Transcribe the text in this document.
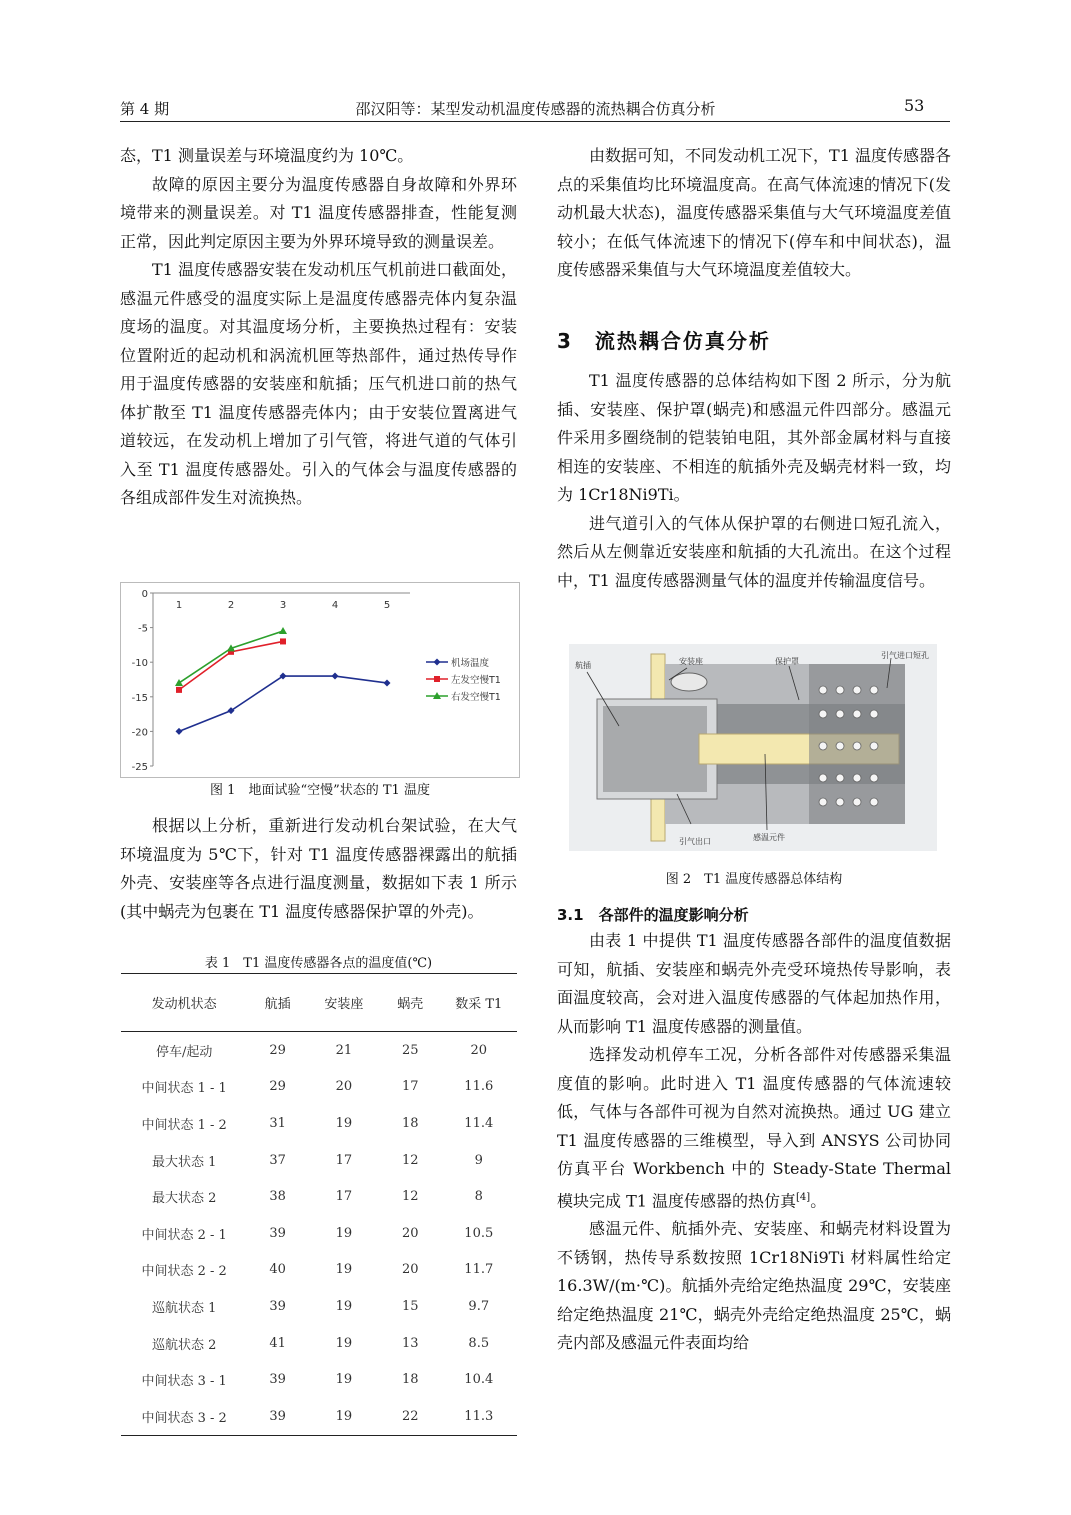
第 4 期	邵汉阳等：某型发动机温度传感器的流热耦合仿真分析	53

态，T1 测量误差与环境温度约为 10℃。

故障的原因主要分为温度传感器自身故障和外界环境带来的测量误差。对 T1 温度传感器排查，性能复测正常，因此判定原因主要为外界环境导致的测量误差。

T1 温度传感器安装在发动机压气机前进口截面处，感温元件感受的温度实际上是温度传感器壳体内复杂温度场的温度。对其温度场分析，主要换热过程有：安装位置附近的起动机和涡流机匣等热部件，通过热传导作用于温度传感器的安装座和航插；压气机进口前的热气体扩散至 T1 温度传感器壳体内；由于安装位置离进气道较远，在发动机上增加了引气管，将进气道的气体引入至 T1 温度传感器处。引入的气体会与温度传感器的各组成部件发生对流换热。

0
-5
-10
-15
-20
-25
1	2	3	4	5
机场温度
左发空慢T1
右发空慢T1
图 1　地面试验“空慢”状态的 T1 温度

根据以上分析，重新进行发动机台架试验，在大气环境温度为 5℃下，针对 T1 温度传感器裸露出的航插外壳、安装座等各点进行温度测量，数据如下表 1 所示(其中蜗壳为包裹在 T1 温度传感器保护罩的外壳)。

表 1　T1 温度传感器各点的温度值(℃)
发动机状态	航插	安装座	蜗壳	数采 T1
停车/起动	29	21	25	20
中间状态 1 - 1	29	20	17	11.6
中间状态 1 - 2	31	19	18	11.4
最大状态 1	37	17	12	9
最大状态 2	38	17	12	8
中间状态 2 - 1	39	19	20	10.5
中间状态 2 - 2	40	19	20	11.7
巡航状态 1	39	19	15	9.7
巡航状态 2	41	19	13	8.5
中间状态 3 - 1	39	19	18	10.4
中间状态 3 - 2	39	19	22	11.3

由数据可知，不同发动机工况下，T1 温度传感器各点的采集值均比环境温度高。在高气体流速的情况下(发动机最大状态)，温度传感器采集值与大气环境温度差值较小；在低气体流速下的情况下(停车和中间状态)，温度传感器采集值与大气环境温度差值较大。

3　流热耦合仿真分析

T1 温度传感器的总体结构如下图 2 所示，分为航插、安装座、保护罩(蜗壳)和感温元件四部分。感温元件采用多圈绕制的铠装铂电阻，其外部金属材料与直接相连的安装座、不相连的航插外壳及蜗壳材料一致，均为 1Cr18Ni9Ti。

进气道引入的气体从保护罩的右侧进口短孔流入，然后从左侧靠近安装座和航插的大孔流出。在这个过程中，T1 温度传感器测量气体的温度并传输温度信号。

航插	安装座	保护罩
引气进口短孔
引气出口	感温元件
图 2　T1 温度传感器总体结构
3.1　各部件的温度影响分析

由表 1 中提供 T1 温度传感器各部件的温度值数据可知，航插、安装座和蜗壳外壳受环境热传导影响，表面温度较高，会对进入温度传感器的气体起加热作用，从而影响 T1 温度传感器的测量值。

选择发动机停车工况，分析各部件对传感器采集温度值的影响。此时进入 T1 温度传感器的气体流速较低，气体与各部件可视为自然对流换热。通过 UG 建立 T1 温度传感器的三维模型，导入到 ANSYS 公司协同仿真平台 Workbench 中的 Steady-State Thermal 模块完成 T1 温度传感器的热仿真[4]。

感温元件、航插外壳、安装座、和蜗壳材料设置为不锈钢，热传导系数按照 1Cr18Ni9Ti 材料属性给定 16.3W/(m·℃)。航插外壳给定绝热温度 29℃，安装座给定绝热温度 21℃，蜗壳外壳给定绝热温度 25℃，蜗壳内部及感温元件表面均给
